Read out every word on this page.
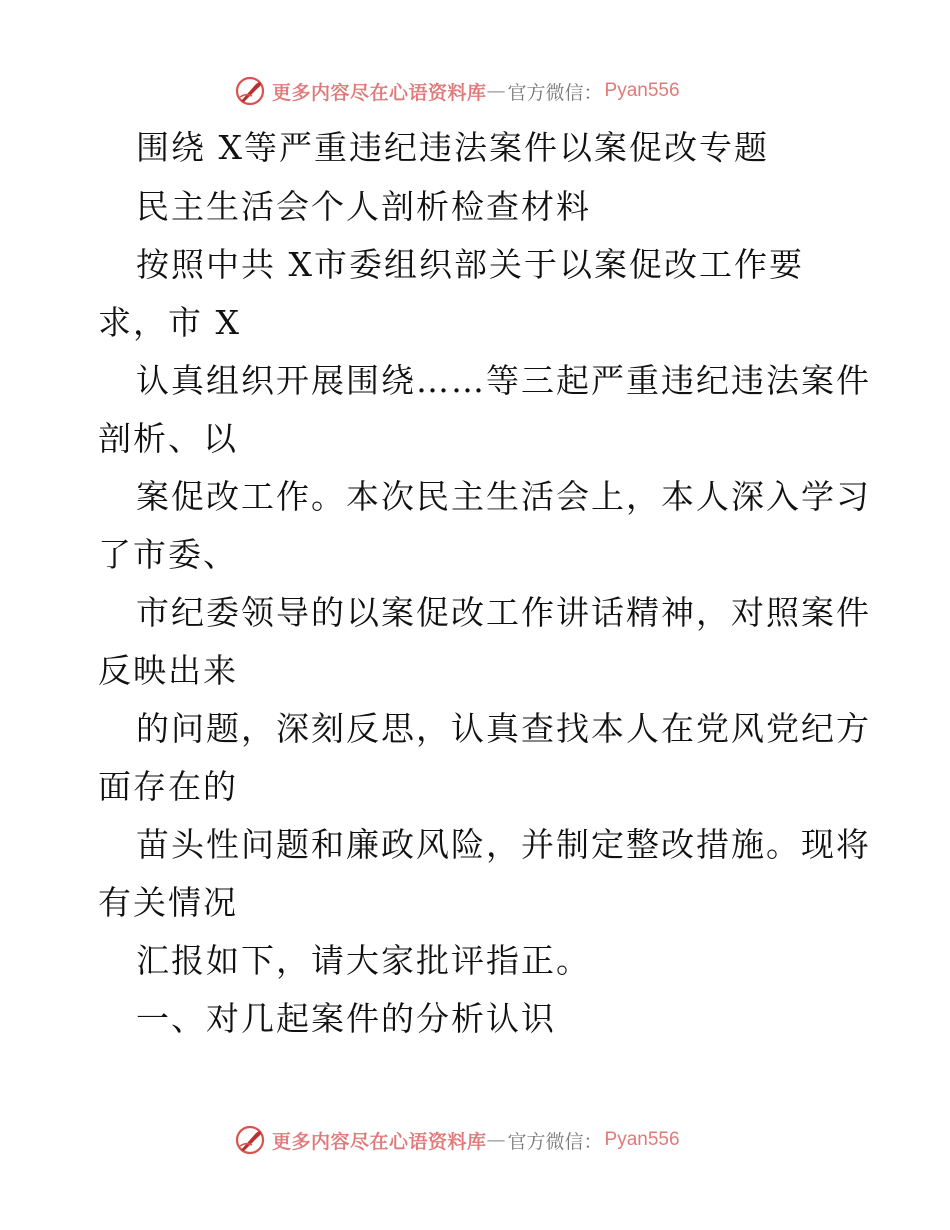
更多内容尽在心语资料库 — 官方微信： Pyan556
围绕 X等严重违纪违法案件以案促改专题
民主生活会个人剖析检查材料
按照中共 X市委组织部关于以案促改工作要
求，市 X
认真组织开展围绕……等三起严重违纪违法案件
剖析、以
案促改工作。本次民主生活会上，本人深入学习
了市委、
市纪委领导的以案促改工作讲话精神，对照案件
反映出来
的问题，深刻反思，认真查找本人在党风党纪方
面存在的
苗头性问题和廉政风险，并制定整改措施。现将
有关情况
汇报如下，请大家批评指正。
一、对几起案件的分析认识
更多内容尽在心语资料库 — 官方微信： Pyan556
